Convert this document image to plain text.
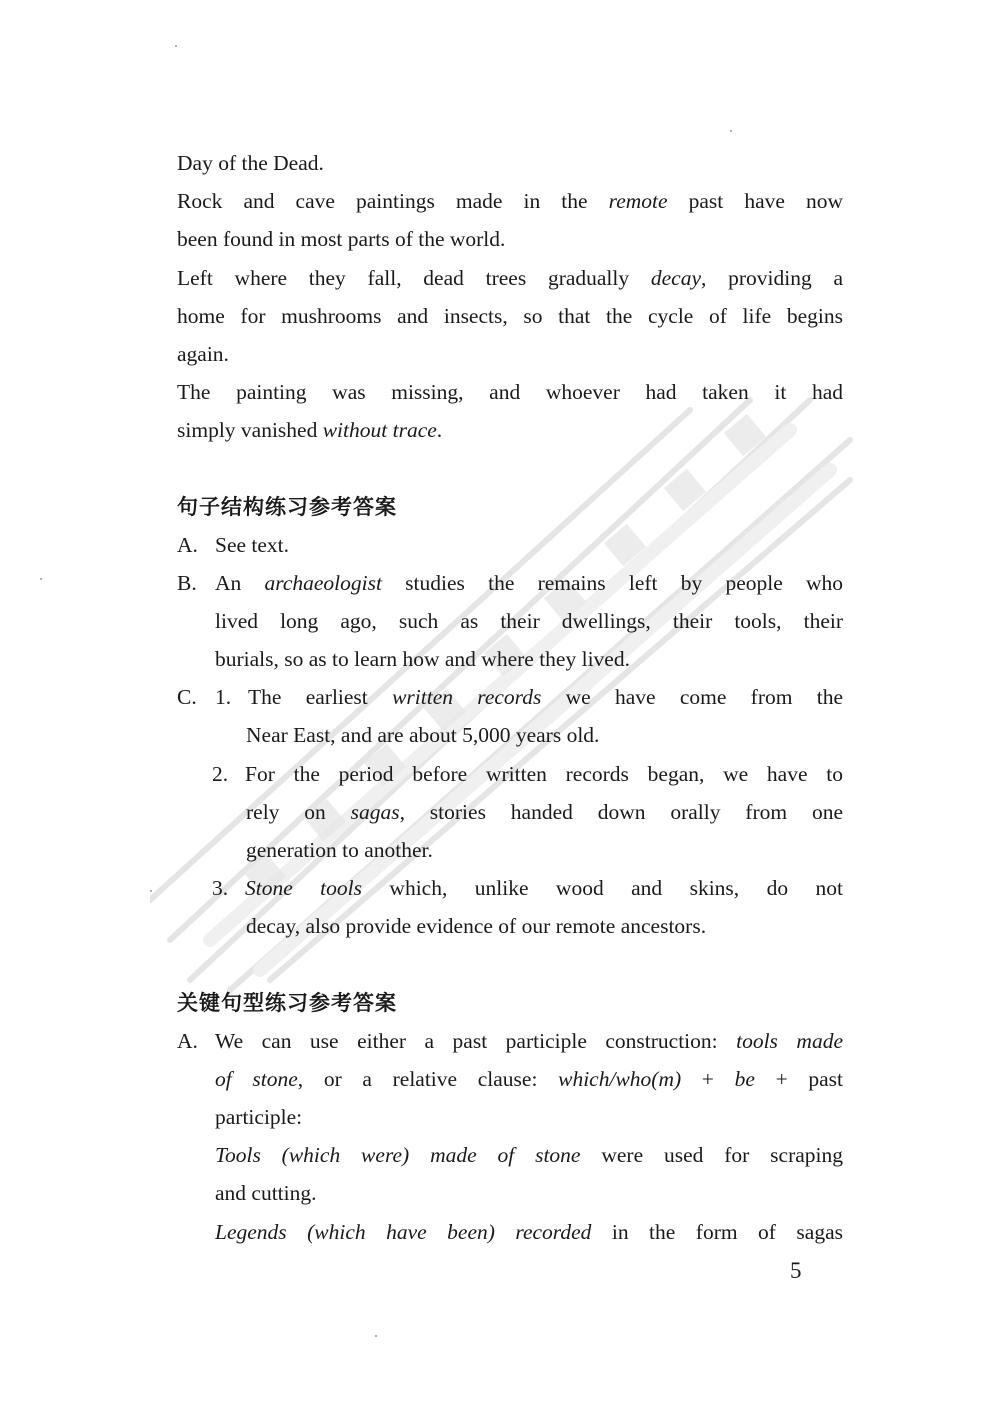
Day of the Dead.
Rock and cave paintings made in the remote past have now
been found in most parts of the world.
Left where they fall, dead trees gradually decay, providing a
home for mushrooms and insects, so that the cycle of life begins
again.
The painting was missing, and whoever had taken it had
simply vanished without trace.
句子结构练习参考答案
A. See text.
B. An archaeologist studies the remains left by people who
lived long ago, such as their dwellings, their tools, their
burials, so as to learn how and where they lived.
C. 1. The earliest written records we have come from the
Near East, and are about 5,000 years old.
2. For the period before written records began, we have to
rely on sagas, stories handed down orally from one
generation to another.
3. Stone tools which, unlike wood and skins, do not
decay, also provide evidence of our remote ancestors.
关键句型练习参考答案
A. We can use either a past participle construction: tools made
of stone, or a relative clause: which/who(m) + be + past
participle:
Tools (which were) made of stone were used for scraping
and cutting.
Legends (which have been) recorded in the form of sagas
5
